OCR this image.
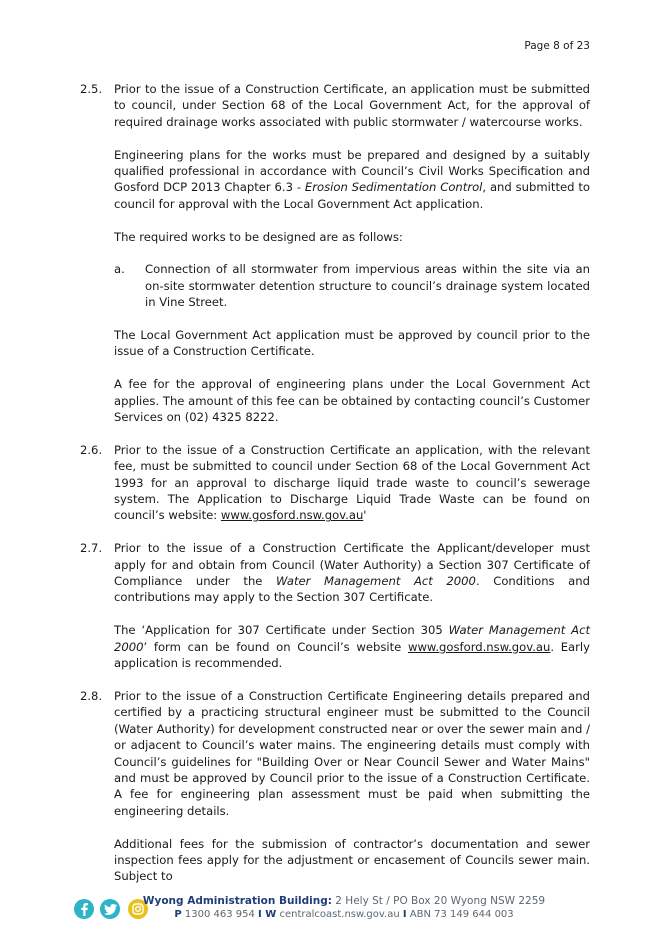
Page 8 of 23
2.5. Prior to the issue of a Construction Certificate, an application must be submitted to council, under Section 68 of the Local Government Act, for the approval of required drainage works associated with public stormwater / watercourse works.

Engineering plans for the works must be prepared and designed by a suitably qualified professional in accordance with Council’s Civil Works Specification and Gosford DCP 2013 Chapter 6.3 - Erosion Sedimentation Control, and submitted to council for approval with the Local Government Act application.

The required works to be designed are as follows:

a. Connection of all stormwater from impervious areas within the site via an on-site stormwater detention structure to council’s drainage system located in Vine Street.

The Local Government Act application must be approved by council prior to the issue of a Construction Certificate.

A fee for the approval of engineering plans under the Local Government Act applies. The amount of this fee can be obtained by contacting council’s Customer Services on (02) 4325 8222.

2.6. Prior to the issue of a Construction Certificate an application, with the relevant fee, must be submitted to council under Section 68 of the Local Government Act 1993 for an approval to discharge liquid trade waste to council’s sewerage system. The Application to Discharge Liquid Trade Waste can be found on council’s website: www.gosford.nsw.gov.au'

2.7. Prior to the issue of a Construction Certificate the Applicant/developer must apply for and obtain from Council (Water Authority) a Section 307 Certificate of Compliance under the Water Management Act 2000. Conditions and contributions may apply to the Section 307 Certificate.

The ‘Application for 307 Certificate under Section 305 Water Management Act 2000’ form can be found on Council’s website www.gosford.nsw.gov.au. Early application is recommended.

2.8. Prior to the issue of a Construction Certificate Engineering details prepared and certified by a practicing structural engineer must be submitted to the Council (Water Authority) for development constructed near or over the sewer main and / or adjacent to Council’s water mains. The engineering details must comply with Council’s guidelines for "Building Over or Near Council Sewer and Water Mains" and must be approved by Council prior to the issue of a Construction Certificate. A fee for engineering plan assessment must be paid when submitting the engineering details.

Additional fees for the submission of contractor’s documentation and sewer inspection fees apply for the adjustment or encasement of Councils sewer main. Subject to

Wyong Administration Building: 2 Hely St / PO Box 20 Wyong NSW 2259
P 1300 463 954 I W centralcoast.nsw.gov.au I ABN 73 149 644 003
